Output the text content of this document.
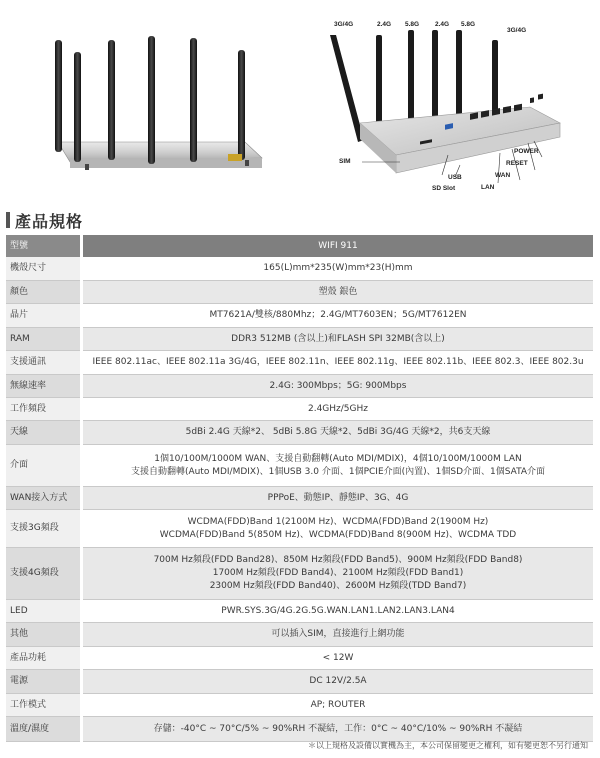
3G/4G	2.4G 5.8G 2.4G 5.8G
3G/4G
POWER
RESET
WAN
LAN
USB
SD Slot
SIM
產品規格
型號	WIFI 911
機殼尺寸	165(L)mm*235(W)mm*23(H)mm

顏色	塑殼 銀色

晶片	MT7621A/雙核/880Mhz；2.4G/MT7603EN；5G/MT7612EN

RAM	DDR3 512MB (含以上)和FLASH SPI 32MB(含以上)

支援通訊	IEEE 802.11ac、IEEE 802.11a 3G/4G，IEEE 802.11n、IEEE 802.11g、IEEE 802.11b、IEEE 802.3、IEEE 802.3u

無線速率	2.4G: 300Mbps；5G: 900Mbps

工作頻段	2.4GHz/5GHz

天線	5dBi 2.4G 天線*2、 5dBi 5.8G 天線*2、5dBi 3G/4G 天線*2，共6支天線

介面	1個10/100M/1000M WAN、支援自動翻轉(Auto MDI/MDIX)，4個10/100M/1000M LAN
支援自動翻轉(Auto MDI/MDIX)、1個USB 3.0 介面、1個PCIE介面(內置)、1個SD介面、1個SATA介面

WAN接入方式	PPPoE、動態IP、靜態IP、3G、4G

支援3G頻段	WCDMA(FDD)Band 1(2100M Hz)、WCDMA(FDD)Band 2(1900M Hz)
WCDMA(FDD)Band 5(850M Hz)、WCDMA(FDD)Band 8(900M Hz)、WCDMA TDD

支援4G頻段	700M Hz頻段(FDD Band28)、850M Hz頻段(FDD Band5)、900M Hz頻段(FDD Band8)
1700M Hz頻段(FDD Band4)、2100M Hz頻段(FDD Band1)
2300M Hz頻段(FDD Band40)、2600M Hz頻段(TDD Band7)

LED	PWR.SYS.3G/4G.2G.5G.WAN.LAN1.LAN2.LAN3.LAN4

其他	可以插入SIM，直接進行上網功能

產品功耗	< 12W

電源	DC 12V/2.5A

工作模式	AP; ROUTER

溫度/濕度	存儲：-40°C ~ 70°C/5% ~ 90%RH 不凝結，工作：0°C ~ 40°C/10% ~ 90%RH 不凝結
＊以上規格及設備以實機為主，本公司保留變更之權利，如有變更恕不另行通知
